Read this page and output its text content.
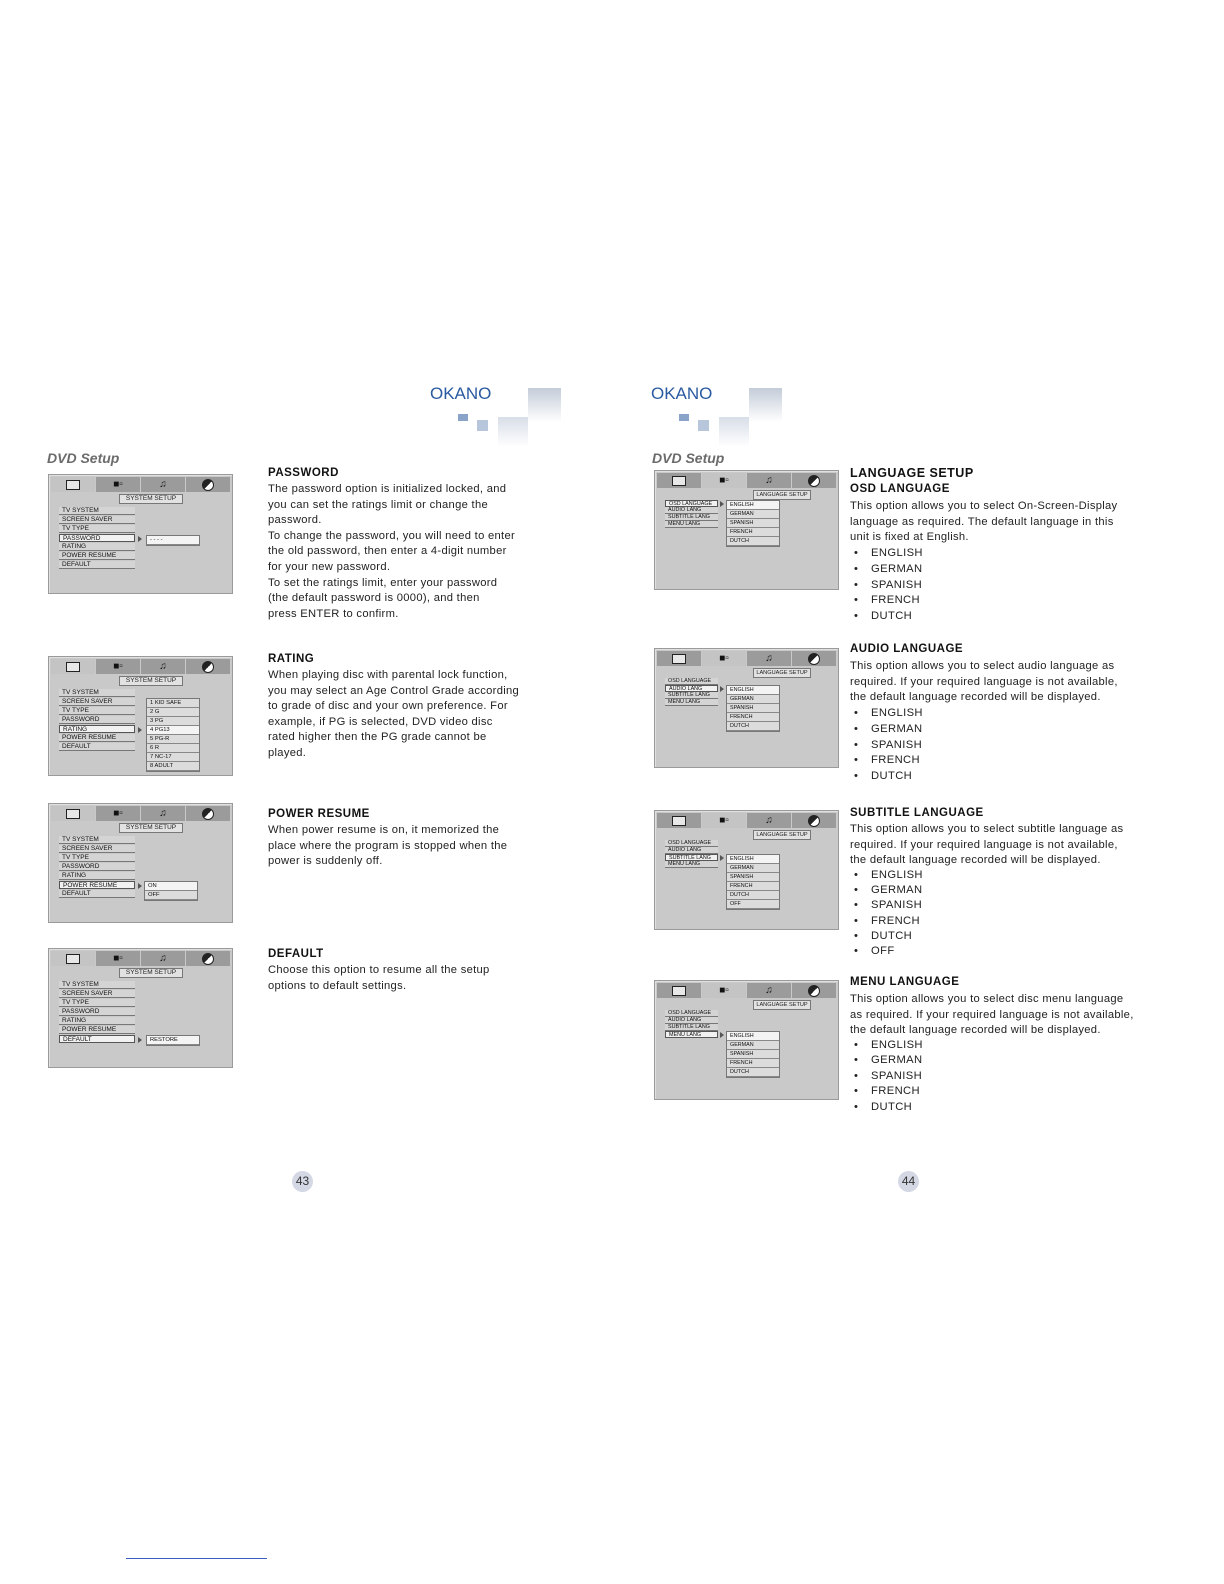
OKANO	OKANO
DVD Setup
■▫	♫
SYSTEM SETUP
TV SYSTEM
SCREEN SAVER
TV TYPE
PASSWORD
RATING
POWER RESUME
DEFAULT
- - - -
PASSWORD

The password option is initialized locked, and

you can set the ratings limit or change the

password.

To change the password, you will need to enter

the old password, then enter a 4-digit number

for your new password.

To set the ratings limit, enter your password

(the default password is 0000), and then

press ENTER to confirm.

■▫	♫
SYSTEM SETUP
TV SYSTEM
SCREEN SAVER
TV TYPE
PASSWORD
RATING
POWER RESUME
DEFAULT
1 KID SAFE
2 G
3 PG
4 PG13
5 PG-R
6 R
7 NC-17
8 ADULT
RATING

When playing disc with parental lock function,

you may select an Age Control Grade according

to grade of disc and your own preference. For

example, if PG is selected, DVD video disc

rated higher then the PG grade cannot be

played.

■▫	♫
SYSTEM SETUP
TV SYSTEM
SCREEN SAVER
TV TYPE
PASSWORD
RATING
POWER RESUME
DEFAULT
ON
OFF
POWER RESUME

When power resume is on, it memorized the

place where the program is stopped when the

power is suddenly off.

■▫	♫
SYSTEM SETUP
TV SYSTEM
SCREEN SAVER
TV TYPE
PASSWORD
RATING
POWER RESUME
DEFAULT	RESTORE
DEFAULT

Choose this option to resume all the setup

options to default settings.

43
DVD Setup
■▫	♫
LANGUAGE SETUP
OSD LANGUAGE
AUDIO LANG
SUBTITLE LANG
MENU LANG
ENGLISH
GERMAN
SPANISH
FRENCH
DUTCH
LANGUAGE SETUP
OSD LANGUAGE

This option allows you to select On-Screen-Display

language as required. The default language in this

unit is fixed at English.

• ENGLISH
• GERMAN
• SPANISH
• FRENCH
• DUTCH
■▫	♫
LANGUAGE SETUP
OSD LANGUAGE
AUDIO LANG
SUBTITLE LANG
MENU LANG
ENGLISH
GERMAN
SPANISH
FRENCH
DUTCH
AUDIO LANGUAGE

This option allows you to select audio language as

required. If your required language is not available,

the default language recorded will be displayed.

• ENGLISH
• GERMAN
• SPANISH
• FRENCH
• DUTCH
■▫	♫
LANGUAGE SETUP
OSD LANGUAGE
AUDIO LANG
SUBTITLE LANG
MENU LANG
ENGLISH
GERMAN
SPANISH
FRENCH
DUTCH
OFF
SUBTITLE LANGUAGE

This option allows you to select subtitle language as

required. If your required language is not available,

the default language recorded will be displayed.

• ENGLISH
• GERMAN
• SPANISH
• FRENCH
• DUTCH
• OFF
■▫	♫
LANGUAGE SETUP
OSD LANGUAGE
AUDIO LANG
SUBTITLE LANG
MENU LANG	ENGLISH
GERMAN
SPANISH
FRENCH
DUTCH
MENU LANGUAGE

This option allows you to select disc menu language

as required. If your required language is not available,

the default language recorded will be displayed.

• ENGLISH
• GERMAN
• SPANISH
• FRENCH
• DUTCH
44
